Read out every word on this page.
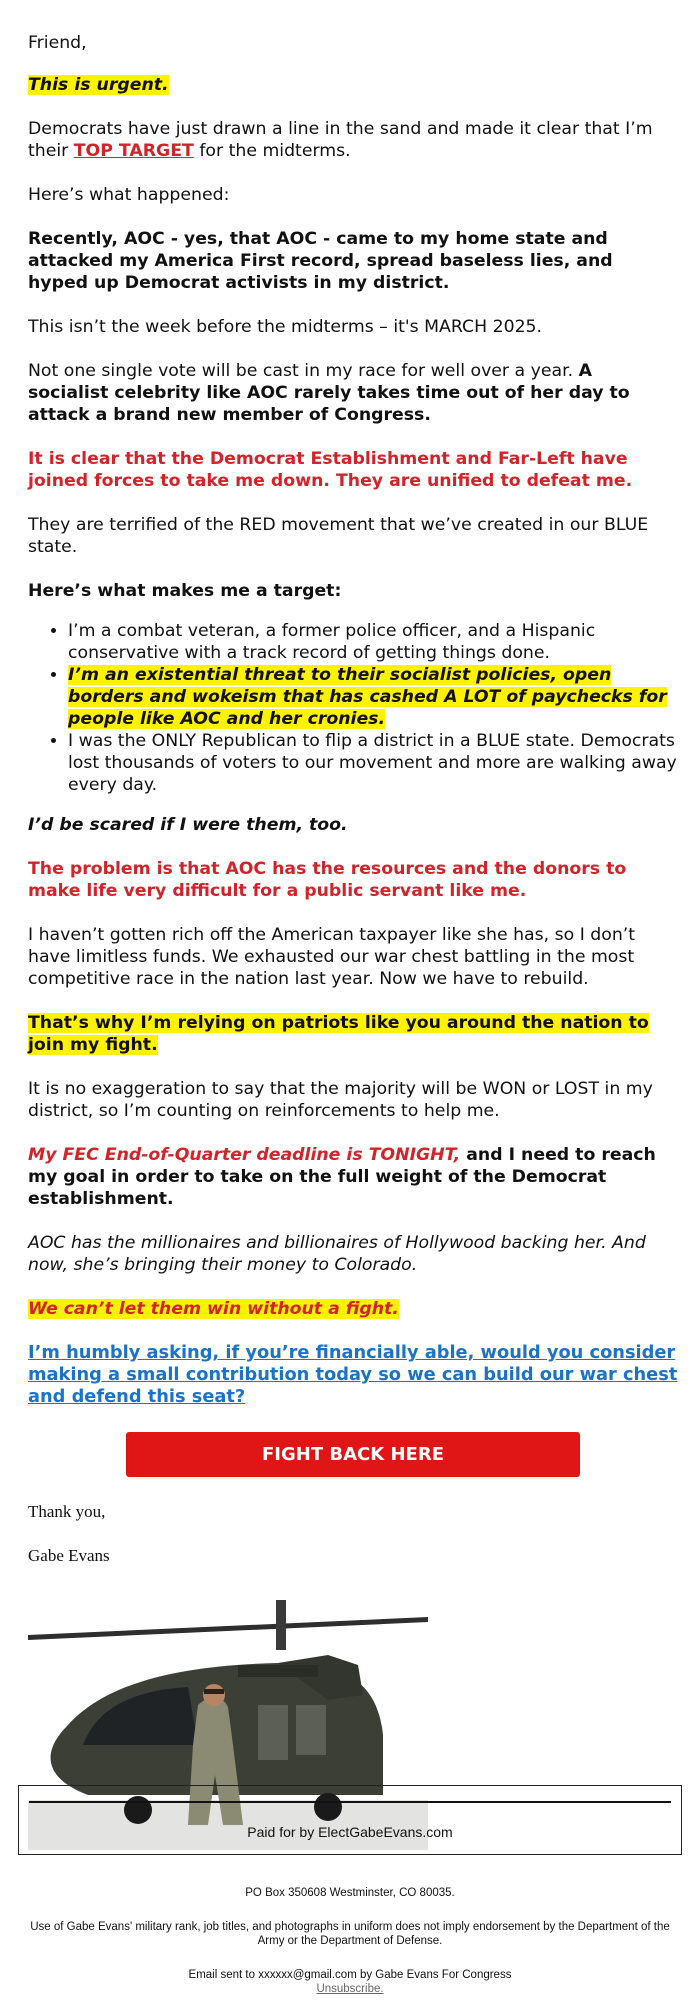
Friend,

This is urgent.

Democrats have just drawn a line in the sand and made it clear that I’m their TOP TARGET for the midterms.

Here’s what happened:

Recently, AOC - yes, that AOC - came to my home state and attacked my America First record, spread baseless lies, and hyped up Democrat activists in my district.

This isn’t the week before the midterms – it's MARCH 2025.

Not one single vote will be cast in my race for well over a year. A socialist celebrity like AOC rarely takes time out of her day to attack a brand new member of Congress.

It is clear that the Democrat Establishment and Far-Left have joined forces to take me down. They are unified to defeat me.

They are terrified of the RED movement that we’ve created in our BLUE state.

Here’s what makes me a target:

• I’m a combat veteran, a former police officer, and a Hispanic conservative with a track record of getting things done.
• I’m an existential threat to their socialist policies, open borders and wokeism that has cashed A LOT of paychecks for people like AOC and her cronies.
• I was the ONLY Republican to flip a district in a BLUE state. Democrats lost thousands of voters to our movement and more are walking away every day.

I’d be scared if I were them, too.

The problem is that AOC has the resources and the donors to make life very difficult for a public servant like me.

I haven’t gotten rich off the American taxpayer like she has, so I don’t have limitless funds. We exhausted our war chest battling in the most competitive race in the nation last year. Now we have to rebuild.

That’s why I’m relying on patriots like you around the nation to join my fight.

It is no exaggeration to say that the majority will be WON or LOST in my district, so I’m counting on reinforcements to help me.

My FEC End-of-Quarter deadline is TONIGHT, and I need to reach my goal in order to take on the full weight of the Democrat establishment.

AOC has the millionaires and billionaires of Hollywood backing her. And now, she’s bringing their money to Colorado.

We can’t let them win without a fight.

I’m humbly asking, if you’re financially able, would you consider making a small contribution today so we can build our war chest and defend this seat?

FIGHT BACK HERE

Thank you,

Gabe Evans

Paid for by ElectGabeEvans.com
PO Box 350608 Westminster, CO 80035.
Use of Gabe Evans' military rank, job titles, and photographs in uniform does not imply endorsement by the Department of the Army or the Department of Defense.
Email sent to xxxxxx@gmail.com by Gabe Evans For Congress
Unsubscribe.
